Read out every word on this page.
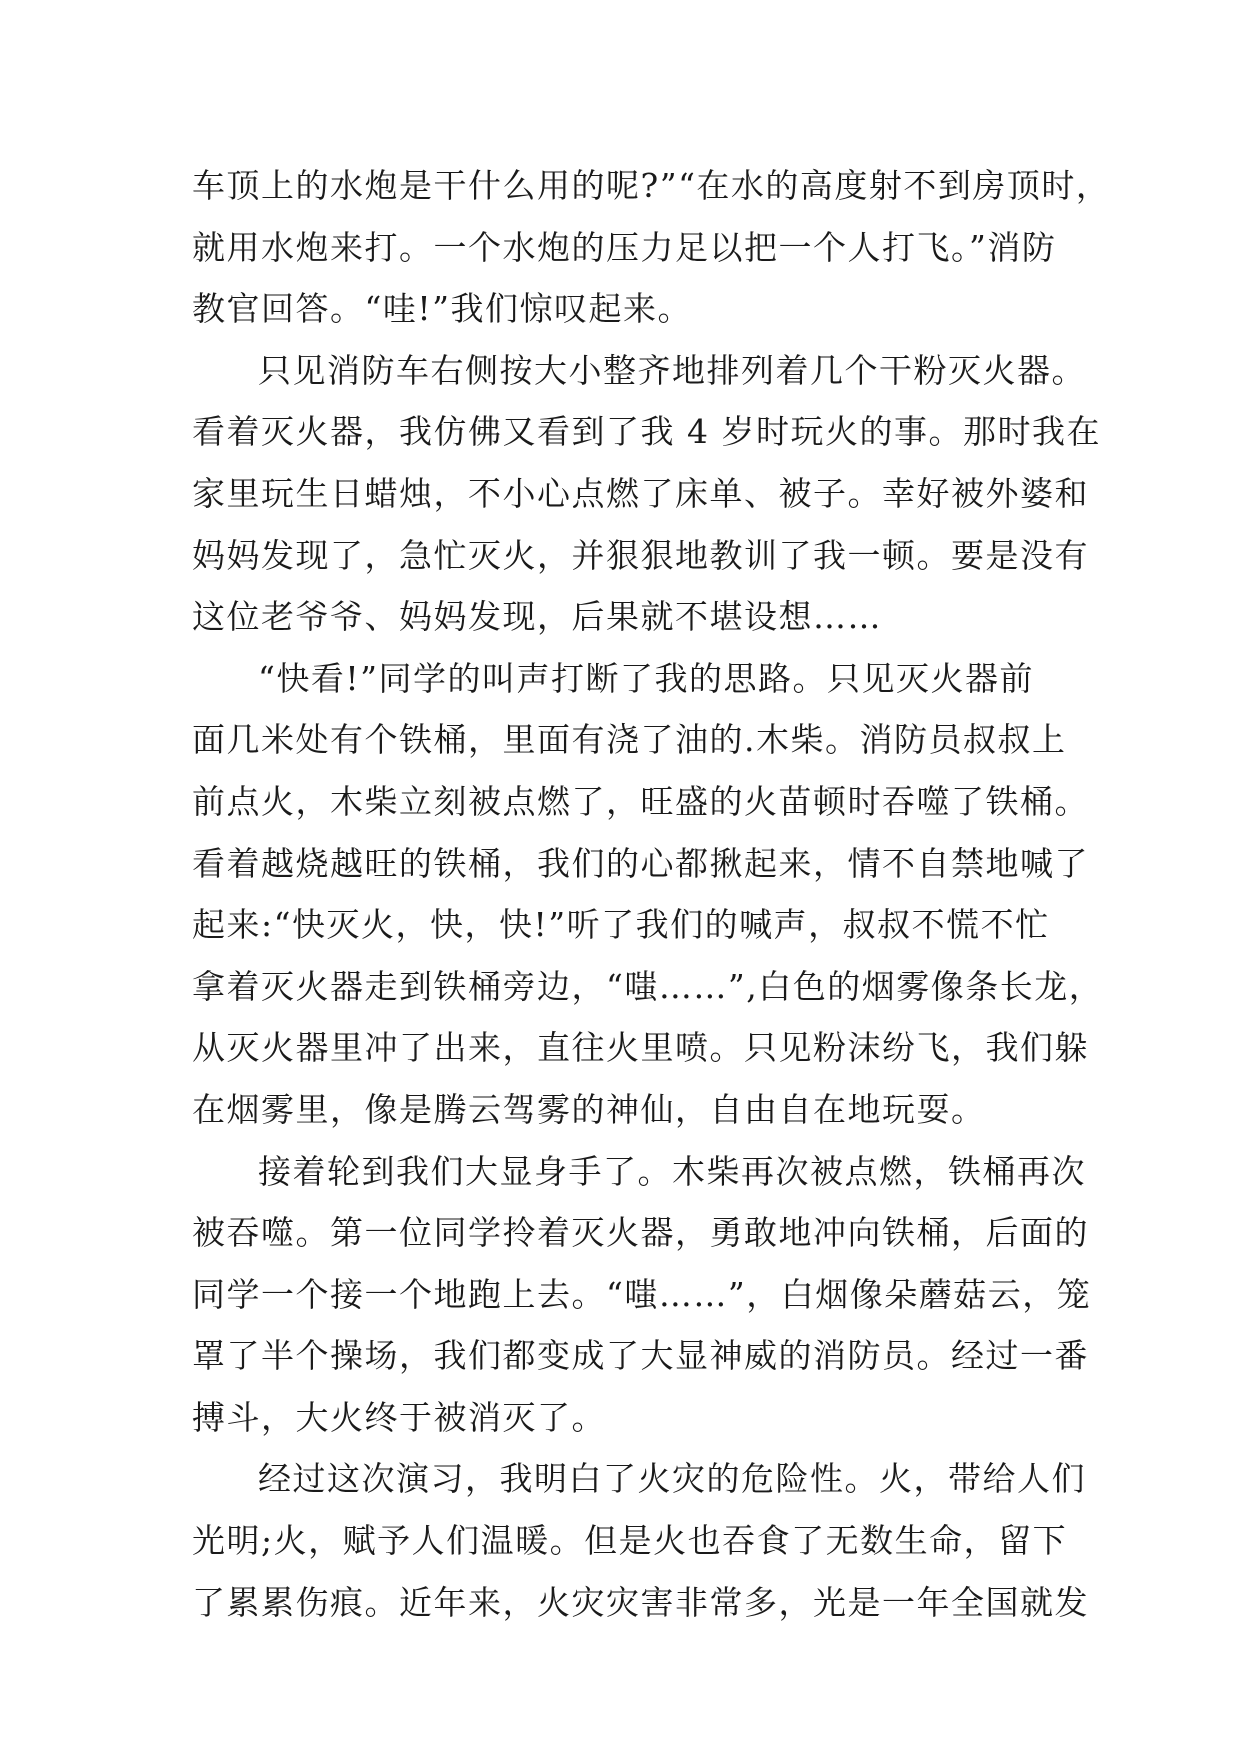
车顶上的水炮是干什么用的呢?”“在水的高度射不到房顶时，
就用水炮来打。一个水炮的压力足以把一个人打飞。”消防
教官回答。“哇!”我们惊叹起来。
只见消防车右侧按大小整齐地排列着几个干粉灭火器。
看着灭火器，我仿佛又看到了我 4 岁时玩火的事。那时我在
家里玩生日蜡烛，不小心点燃了床单、被子。幸好被外婆和
妈妈发现了，急忙灭火，并狠狠地教训了我一顿。要是没有
这位老爷爷、妈妈发现，后果就不堪设想……
“快看!”同学的叫声打断了我的思路。只见灭火器前
面几米处有个铁桶，里面有浇了油的.木柴。消防员叔叔上
前点火，木柴立刻被点燃了，旺盛的火苗顿时吞噬了铁桶。
看着越烧越旺的铁桶，我们的心都揪起来，情不自禁地喊了
起来:“快灭火，快，快!”听了我们的喊声，叔叔不慌不忙
拿着灭火器走到铁桶旁边，“嗤……”,白色的烟雾像条长龙，
从灭火器里冲了出来，直往火里喷。只见粉沫纷飞，我们躲
在烟雾里，像是腾云驾雾的神仙，自由自在地玩耍。
接着轮到我们大显身手了。木柴再次被点燃，铁桶再次
被吞噬。第一位同学拎着灭火器，勇敢地冲向铁桶，后面的
同学一个接一个地跑上去。“嗤……”，白烟像朵蘑菇云，笼
罩了半个操场，我们都变成了大显神威的消防员。经过一番
搏斗，大火终于被消灭了。
经过这次演习，我明白了火灾的危险性。火，带给人们
光明;火，赋予人们温暖。但是火也吞食了无数生命，留下
了累累伤痕。近年来，火灾灾害非常多，光是一年全国就发
